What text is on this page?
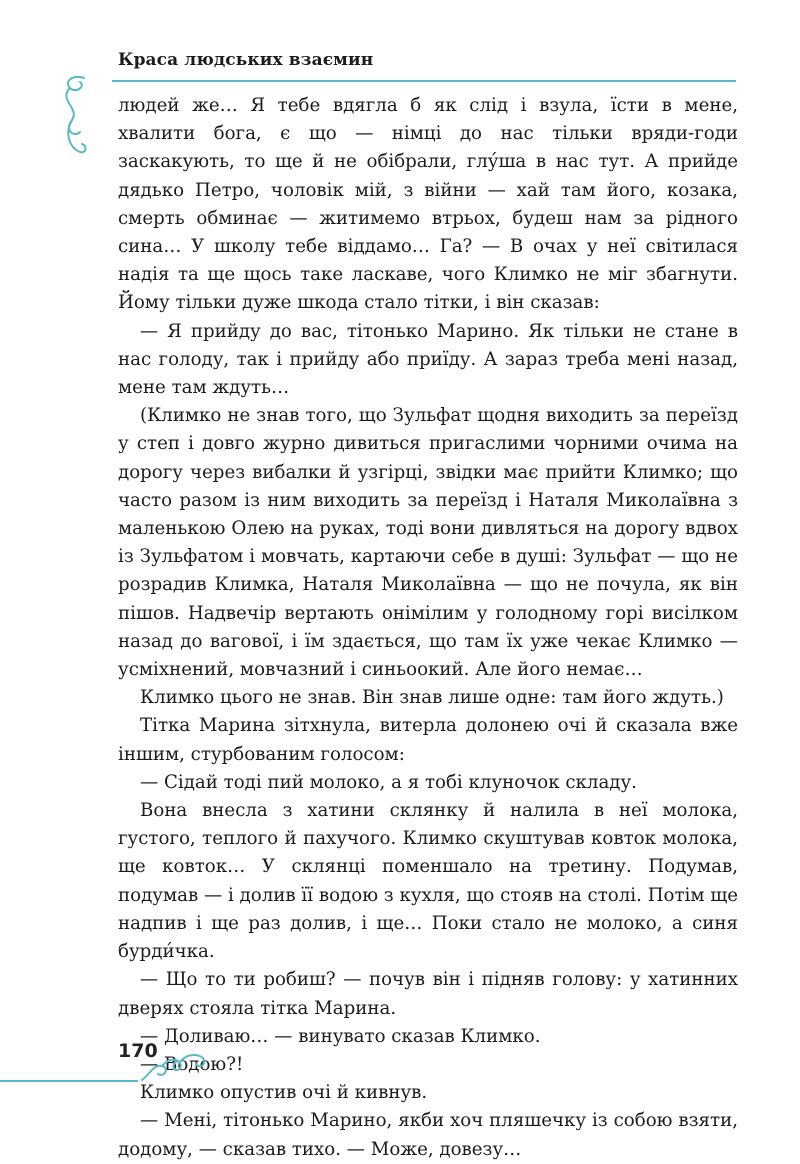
Краса людських взаємин

людей же… Я тебе вдягла б як слід і взула, їсти в мене, хвалити бога, є що — німці до нас тільки вряди-годи заскакують, то ще й не обібрали, глу́ша в нас тут. А прийде дядько Петро, чоловік мій, з війни — хай там його, козака, смерть обминає — житимемо втрьох, будеш нам за рідного сина… У школу тебе віддамо… Га? — В очах у неї світилася надія та ще щось таке ласкаве, чого Климко не міг збагнути. Йому тільки дуже шкода стало тітки, і він сказав:

— Я прийду до вас, тітонько Марино. Як тільки не стане в нас голоду, так і прийду або приїду. А зараз треба мені назад, мене там ждуть…

(Климко не знав того, що Зульфат щодня виходить за переїзд у степ і довго журно дивиться пригаслими чорними очима на дорогу через вибалки й узгірці, звідки має прийти Климко; що часто разом із ним виходить за переїзд і Наталя Миколаївна з маленькою Олею на руках, тоді вони дивляться на дорогу вдвох із Зульфатом і мовчать, картаючи себе в душі: Зульфат — що не розрадив Климка, Наталя Миколаївна — що не почула, як він пішов. Надвечір вертають онімілим у голодному горі висілком назад до вагової, і їм здається, що там їх уже чекає Климко — усміхнений, мовчазний і синьоокий. Але його немає…

Климко цього не знав. Він знав лише одне: там його ждуть.)

Тітка Марина зітхнула, витерла долонею очі й сказала вже іншим, стурбованим голосом:

— Сідай тоді пий молоко, а я тобі клуночок складу.

Вона внесла з хатини склянку й налила в неї молока, густого, теплого й пахучого. Климко скуштував ковток молока, ще ковток… У склянці поменшало на третину. Подумав, подумав — і долив її водою з кухля, що стояв на столі. Потім ще надпив і ще раз долив, і ще… Поки стало не молоко, а синя бурди́чка.

— Що то ти робиш? — почув він і підняв голову: у хатинних дверях стояла тітка Марина.

— Доливаю… — винувато сказав Климко.

— Водою?!

Климко опустив очі й кивнув.

— Мені, тітонько Марино, якби хоч пляшечку із собою взяти, додому, — сказав тихо. — Може, довезу…

170
